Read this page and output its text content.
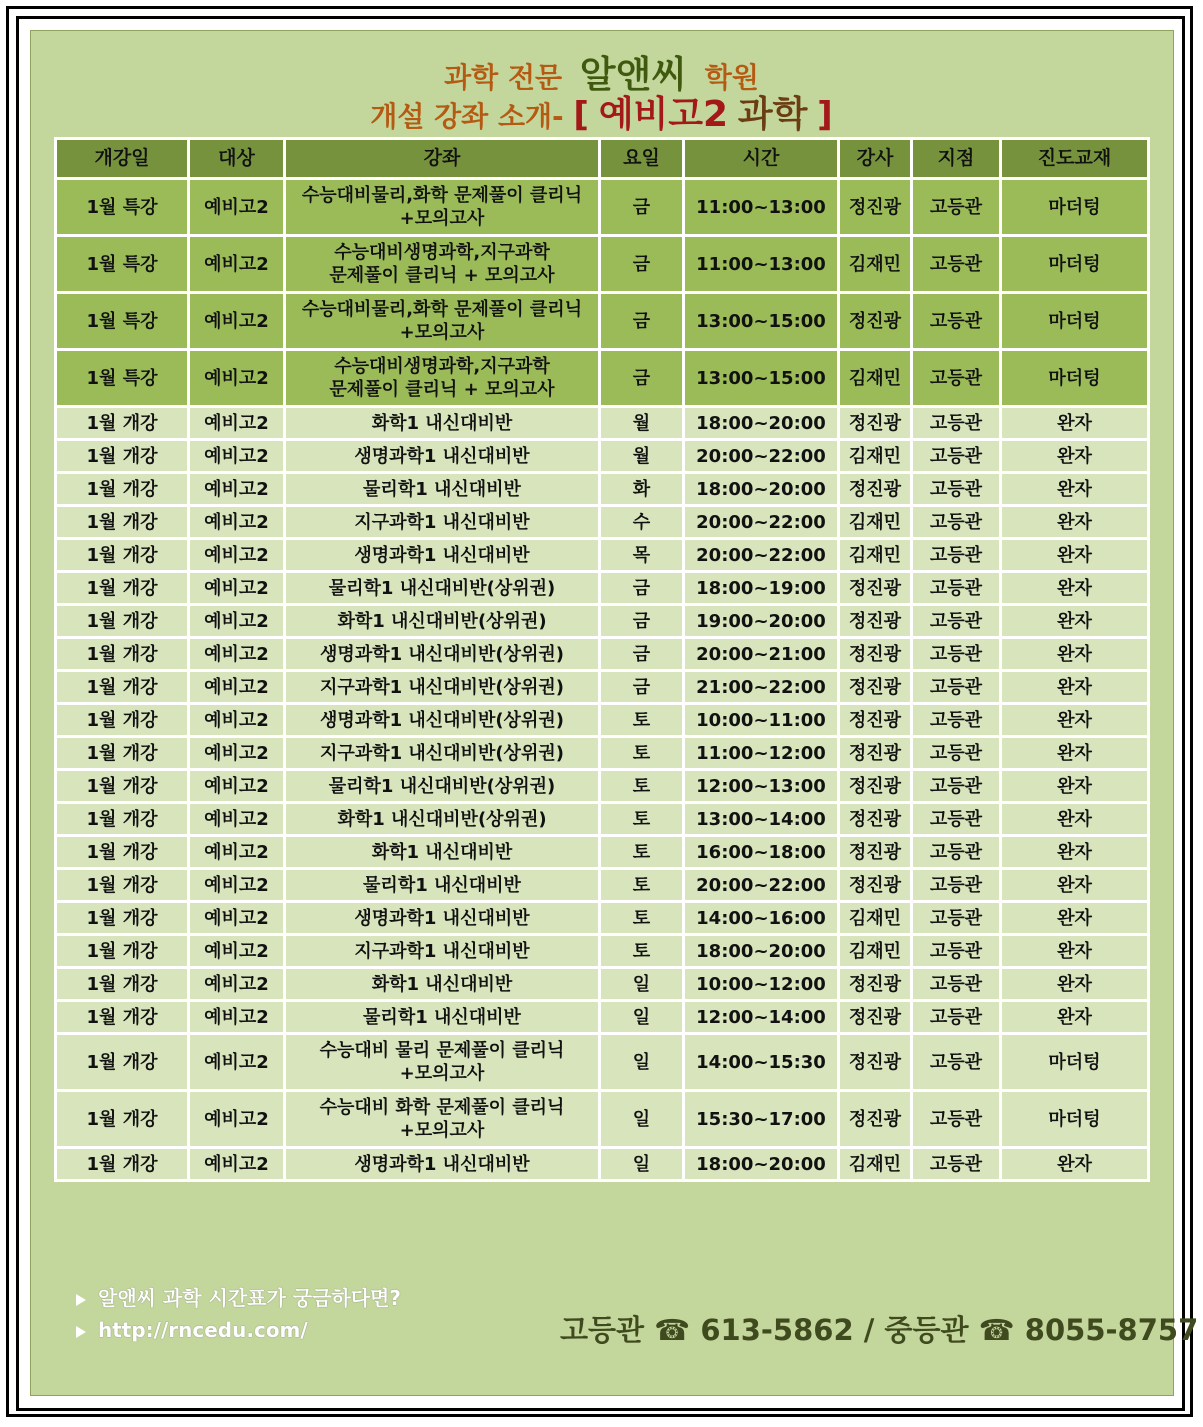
과학 전문 알앤씨 학원
개설 강좌 소개- [ 예비고2 과학 ]
개강일	대상	강좌	요일	시간	강사	지점	진도교재
1월 특강	예비고2	수능대비물리,화학 문제풀이 클리닉
+모의고사	금	11:00~13:00	정진광	고등관	마더텅
1월 특강	예비고2	수능대비생명과학,지구과학
문제풀이 클리닉 + 모의고사	금	11:00~13:00	김재민	고등관	마더텅
1월 특강	예비고2	수능대비물리,화학 문제풀이 클리닉
+모의고사	금	13:00~15:00	정진광	고등관	마더텅
1월 특강	예비고2	수능대비생명과학,지구과학
문제풀이 클리닉 + 모의고사	금	13:00~15:00	김재민	고등관	마더텅
1월 개강	예비고2	화학1 내신대비반	월	18:00~20:00	정진광	고등관	완자
1월 개강	예비고2	생명과학1 내신대비반	월	20:00~22:00	김재민	고등관	완자
1월 개강	예비고2	물리학1 내신대비반	화	18:00~20:00	정진광	고등관	완자
1월 개강	예비고2	지구과학1 내신대비반	수	20:00~22:00	김재민	고등관	완자
1월 개강	예비고2	생명과학1 내신대비반	목	20:00~22:00	김재민	고등관	완자
1월 개강	예비고2	물리학1 내신대비반(상위권)	금	18:00~19:00	정진광	고등관	완자
1월 개강	예비고2	화학1 내신대비반(상위권)	금	19:00~20:00	정진광	고등관	완자
1월 개강	예비고2	생명과학1 내신대비반(상위권)	금	20:00~21:00	정진광	고등관	완자
1월 개강	예비고2	지구과학1 내신대비반(상위권)	금	21:00~22:00	정진광	고등관	완자
1월 개강	예비고2	생명과학1 내신대비반(상위권)	토	10:00~11:00	정진광	고등관	완자
1월 개강	예비고2	지구과학1 내신대비반(상위권)	토	11:00~12:00	정진광	고등관	완자
1월 개강	예비고2	물리학1 내신대비반(상위권)	토	12:00~13:00	정진광	고등관	완자
1월 개강	예비고2	화학1 내신대비반(상위권)	토	13:00~14:00	정진광	고등관	완자
1월 개강	예비고2	화학1 내신대비반	토	16:00~18:00	정진광	고등관	완자
1월 개강	예비고2	물리학1 내신대비반	토	20:00~22:00	정진광	고등관	완자
1월 개강	예비고2	생명과학1 내신대비반	토	14:00~16:00	김재민	고등관	완자
1월 개강	예비고2	지구과학1 내신대비반	토	18:00~20:00	김재민	고등관	완자
1월 개강	예비고2	화학1 내신대비반	일	10:00~12:00	정진광	고등관	완자
1월 개강	예비고2	물리학1 내신대비반	일	12:00~14:00	정진광	고등관	완자
1월 개강	예비고2	수능대비 물리 문제풀이 클리닉
+모의고사	일	14:00~15:30	정진광	고등관	마더텅
1월 개강	예비고2	수능대비 화학 문제풀이 클리닉
+모의고사	일	15:30~17:00	정진광	고등관	마더텅
1월 개강	예비고2	생명과학1 내신대비반	일	18:00~20:00	김재민	고등관	완자
알앤씨 과학 시간표가 궁금하다면?
http://rncedu.com/	고등관 ☎ 613-5862 / 중등관 ☎ 8055-8757
